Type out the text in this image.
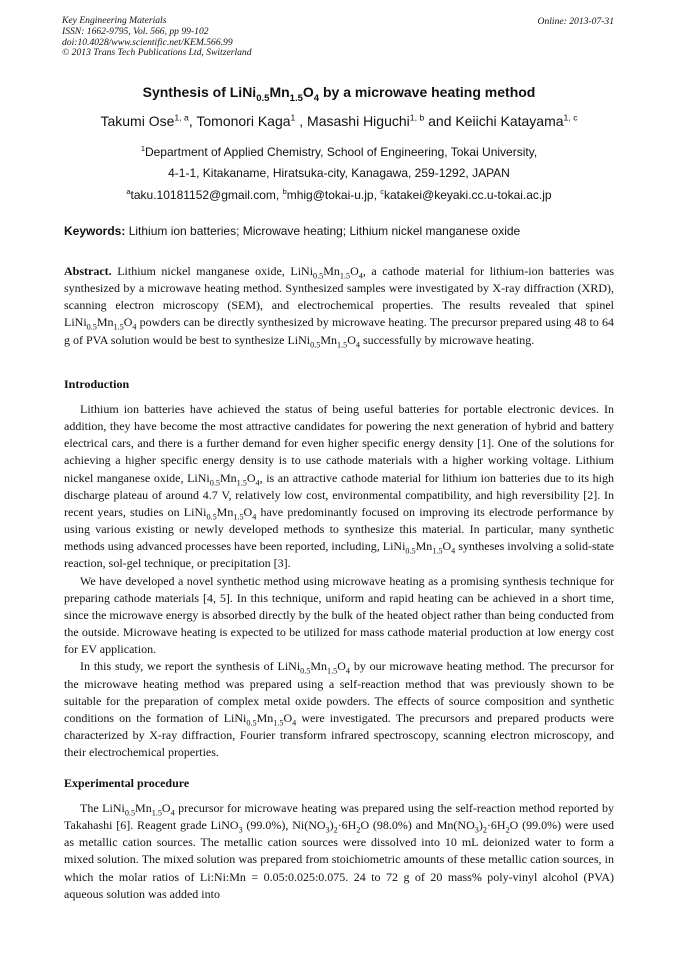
Key Engineering Materials
ISSN: 1662-9795, Vol. 566, pp 99-102
doi:10.4028/www.scientific.net/KEM.566.99
© 2013 Trans Tech Publications Ltd, Switzerland
Online: 2013-07-31
Synthesis of $LiNi_{0.5}Mn_{1.5}O_4$ by a microwave heating method
Takumi Ose$^{1, a}$, Tomonori Kaga$^1$ , Masashi Higuchi$^{1, b}$ and Keiichi Katayama$^{1, c}$
$^1$Department of Applied Chemistry, School of Engineering, Tokai University,
4-1-1, Kitakaname, Hiratsuka-city, Kanagawa, 259-1292, JAPAN
$^a$taku.10181152@gmail.com, $^b$mhig@tokai-u.jp, $^c$katakei@keyaki.cc.u-tokai.ac.jp
Keywords: Lithium ion batteries; Microwave heating; Lithium nickel manganese oxide

Abstract. Lithium nickel manganese oxide, $LiNi_{0.5}Mn_{1.5}O_4$, a cathode material for lithium-ion batteries was synthesized by a microwave heating method. Synthesized samples were investigated by X-ray diffraction (XRD), scanning electron microscopy (SEM), and electrochemical properties. The results revealed that spinel $LiNi_{0.5}Mn_{1.5}O_4$ powders can be directly synthesized by microwave heating. The precursor prepared using 48 to 64 g of PVA solution would be best to synthesize $LiNi_{0.5}Mn_{1.5}O_4$ successfully by microwave heating.

Introduction

Lithium ion batteries have achieved the status of being useful batteries for portable electronic devices. In addition, they have become the most attractive candidates for powering the next generation of hybrid and battery electrical cars, and there is a further demand for even higher specific energy density [1]. One of the solutions for achieving a higher specific energy density is to use cathode materials with a higher working voltage. Lithium nickel manganese oxide, $LiNi_{0.5}Mn_{1.5}O_4$, is an attractive cathode material for lithium ion batteries due to its high discharge plateau of around 4.7 V, relatively low cost, environmental compatibility, and high reversibility [2]. In recent years, studies on $LiNi_{0.5}Mn_{1.5}O_4$ have predominantly focused on improving its electrode performance by using various existing or newly developed methods to synthesize this material. In particular, many synthetic methods using advanced processes have been reported, including, $LiNi_{0.5}Mn_{1.5}O_4$ syntheses involving a solid-state reaction, sol-gel technique, or precipitation [3].

We have developed a novel synthetic method using microwave heating as a promising synthesis technique for preparing cathode materials [4, 5]. In this technique, uniform and rapid heating can be achieved in a short time, since the microwave energy is absorbed directly by the bulk of the heated object rather than being conducted from the outside. Microwave heating is expected to be utilized for mass cathode material production at low energy cost for EV application.

In this study, we report the synthesis of $LiNi_{0.5}Mn_{1.5}O_4$ by our microwave heating method. The precursor for the microwave heating method was prepared using a self-reaction method that was previously shown to be suitable for the preparation of complex metal oxide powders. The effects of source composition and synthetic conditions on the formation of $LiNi_{0.5}Mn_{1.5}O_4$ were investigated. The precursors and prepared products were characterized by X-ray diffraction, Fourier transform infrared spectroscopy, scanning electron microscopy, and their electrochemical properties.

Experimental procedure

The $LiNi_{0.5}Mn_{1.5}O_4$ precursor for microwave heating was prepared using the self-reaction method reported by Takahashi [6]. Reagent grade LiNO$_3$ (99.0%), $Ni(NO_3)_2\cdot 6H_2O$ (98.0%) and $Mn(NO_3)_2\cdot 6H_2O$ (99.0%) were used as metallic cation sources. The metallic cation sources were dissolved into 10 mL deionized water to form a mixed solution. The mixed solution was prepared from stoichiometric amounts of these metallic cation sources, in which the molar ratios of Li:Ni:Mn = 0.05:0.025:0.075. 24 to 72 g of 20 mass% poly-vinyl alcohol (PVA) aqueous solution was added into
